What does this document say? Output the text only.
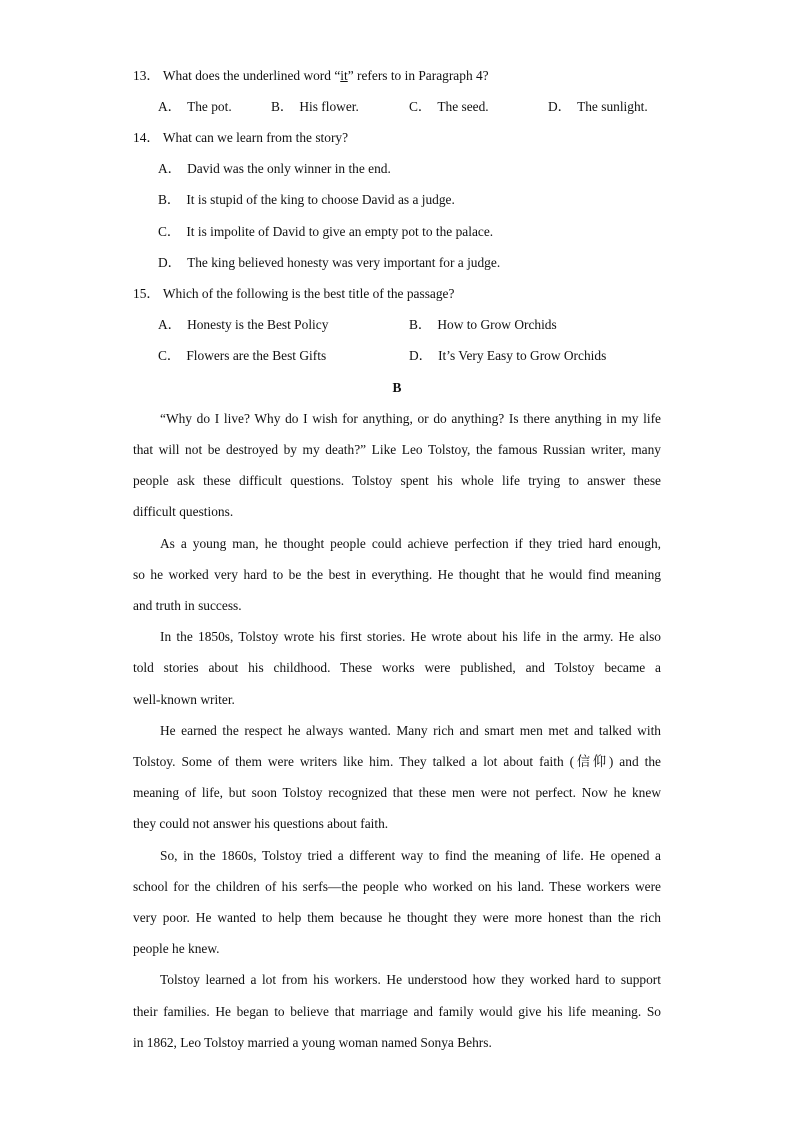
13． What does the underlined word “it” refers to in Paragraph 4?
A． The pot.	B． His flower.	C． The seed.	D． The sunlight.
14． What can we learn from the story?
A． David was the only winner in the end.
B． It is stupid of the king to choose David as a judge.
C． It is impolite of David to give an empty pot to the palace.
D． The king believed honesty was very important for a judge.
15． Which of the following is the best title of the passage?
A． Honesty is the Best Policy	B． How to Grow Orchids
C． Flowers are the Best Gifts	D． It’s Very Easy to Grow Orchids
B
“Why do I live? Why do I wish for anything, or do anything? Is there anything in my life
that will not be destroyed by my death?” Like Leo Tolstoy, the famous Russian writer, many
people ask these difficult questions. Tolstoy spent his whole life trying to answer these
difficult questions.
As a young man, he thought people could achieve perfection if they tried hard enough,
so he worked very hard to be the best in everything. He thought that he would find meaning
and truth in success.
In the 1850s, Tolstoy wrote his first stories. He wrote about his life in the army. He also
told stories about his childhood. These works were published, and Tolstoy became a
well-known writer.
He earned the respect he always wanted. Many rich and smart men met and talked with
Tolstoy. Some of them were writers like him. They talked a lot about faith (信仰) and the
meaning of life, but soon Tolstoy recognized that these men were not perfect. Now he knew
they could not answer his questions about faith.
So, in the 1860s, Tolstoy tried a different way to find the meaning of life. He opened a
school for the children of his serfs—the people who worked on his land. These workers were
very poor. He wanted to help them because he thought they were more honest than the rich
people he knew.
Tolstoy learned a lot from his workers. He understood how they worked hard to support
their families. He began to believe that marriage and family would give his life meaning. So
in 1862, Leo Tolstoy married a young woman named Sonya Behrs.
